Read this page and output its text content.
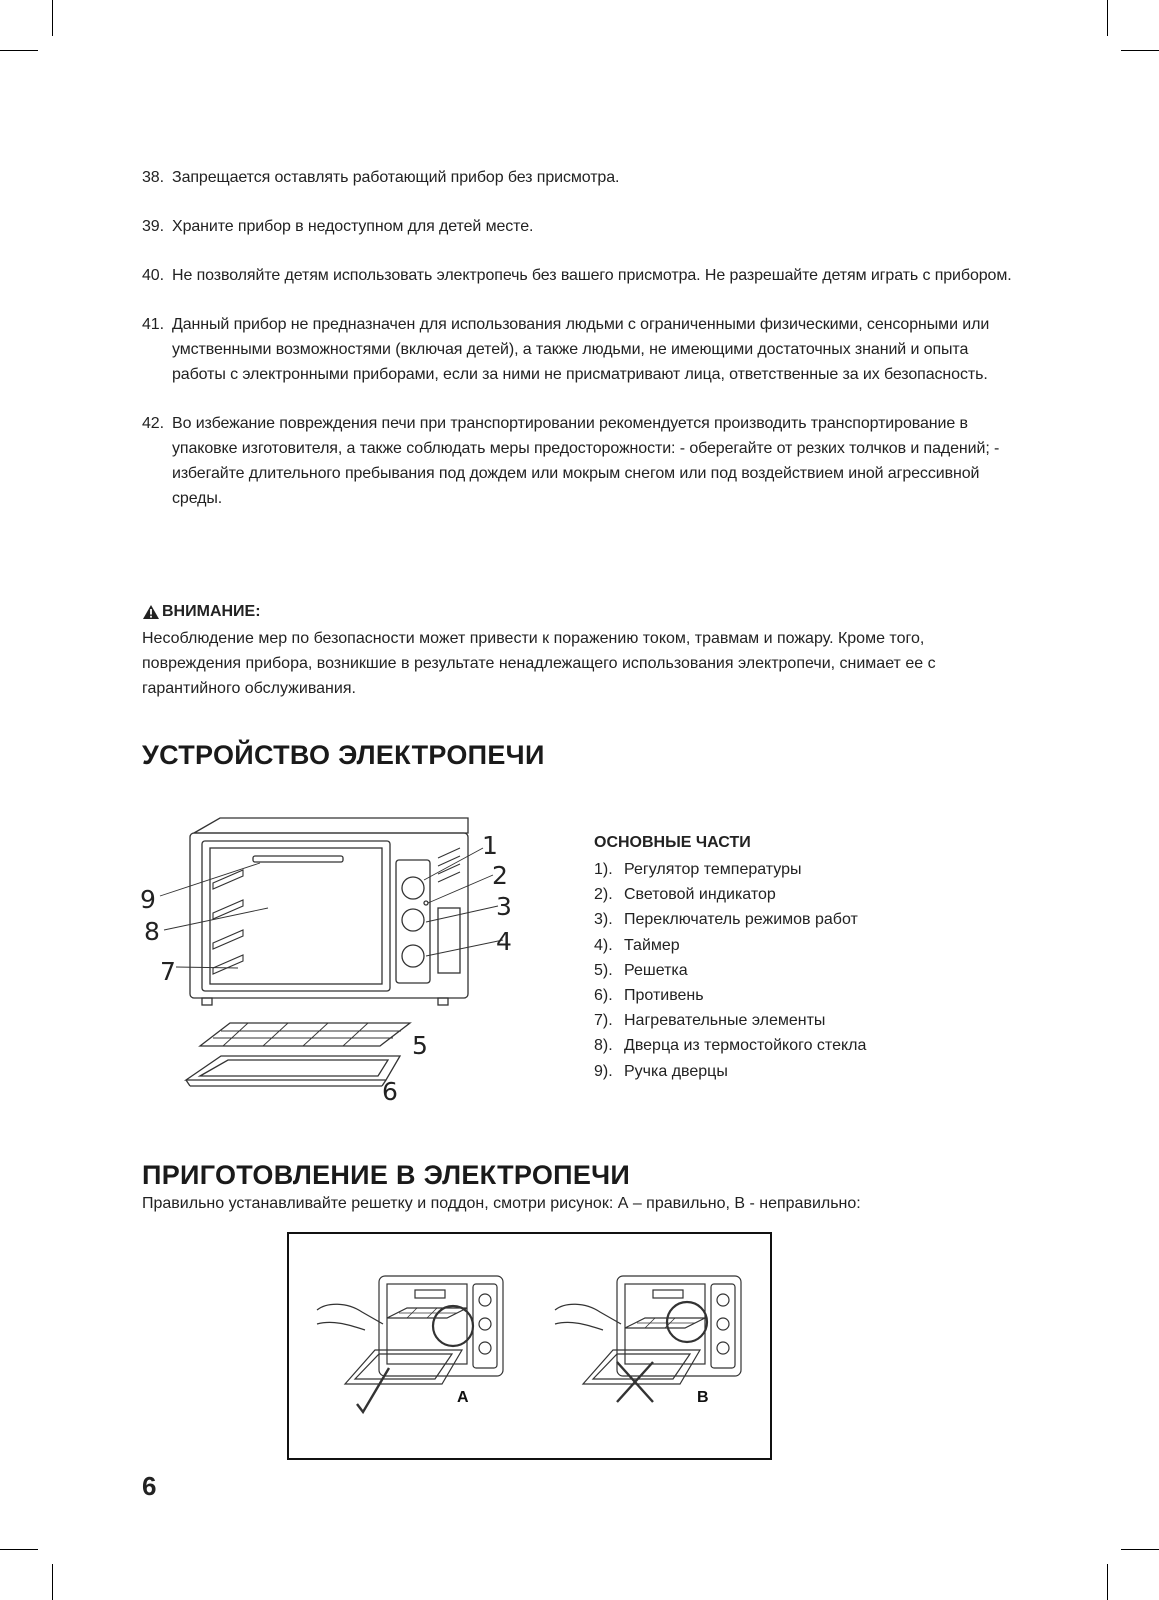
38. Запрещается оставлять работающий прибор без присмотра.
39. Храните прибор в недоступном для детей месте.
40. Не позволяйте детям использовать электропечь без вашего присмотра. Не разрешайте детям играть с прибором.
41. Данный прибор не предназначен для использования людьми с ограниченными физическими, сенсорными или умственными возможностями (включая детей), а также людьми, не имеющими достаточных знаний и опыта работы с электронными приборами, если за ними не присматривают лица, ответственные за их безопасность.
42. Во избежание повреждения печи при транспортировании рекомендуется производить транспортирование в упаковке изготовителя, а также соблюдать меры предосторожности: - оберегайте от резких толчков и падений; - избегайте длительного пребывания под дождем или мокрым снегом или под воздействием иной агрессивной среды.
ВНИМАНИЕ:
Несоблюдение мер по безопасности может привести к поражению током, травмам и пожару. Кроме того, повреждения прибора, возникшие в результате ненадлежащего использования электропечи, снимает ее с гарантийного обслуживания.
УСТРОЙСТВО ЭЛЕКТРОПЕЧИ
1
2
3
4
5
6
7
8
9
ОСНОВНЫЕ ЧАСТИ
1). Регулятор температуры
2). Световой индикатор
3). Переключатель режимов работ
4). Таймер
5). Решетка
6). Противень
7). Нагревательные элементы
8). Дверца из термостойкого стекла
9). Ручка дверцы
ПРИГОТОВЛЕНИЕ В ЭЛЕКТРОПЕЧИ
Правильно устанавливайте решетку и поддон, смотри рисунок: А – правильно, В - неправильно:
A	B
6
